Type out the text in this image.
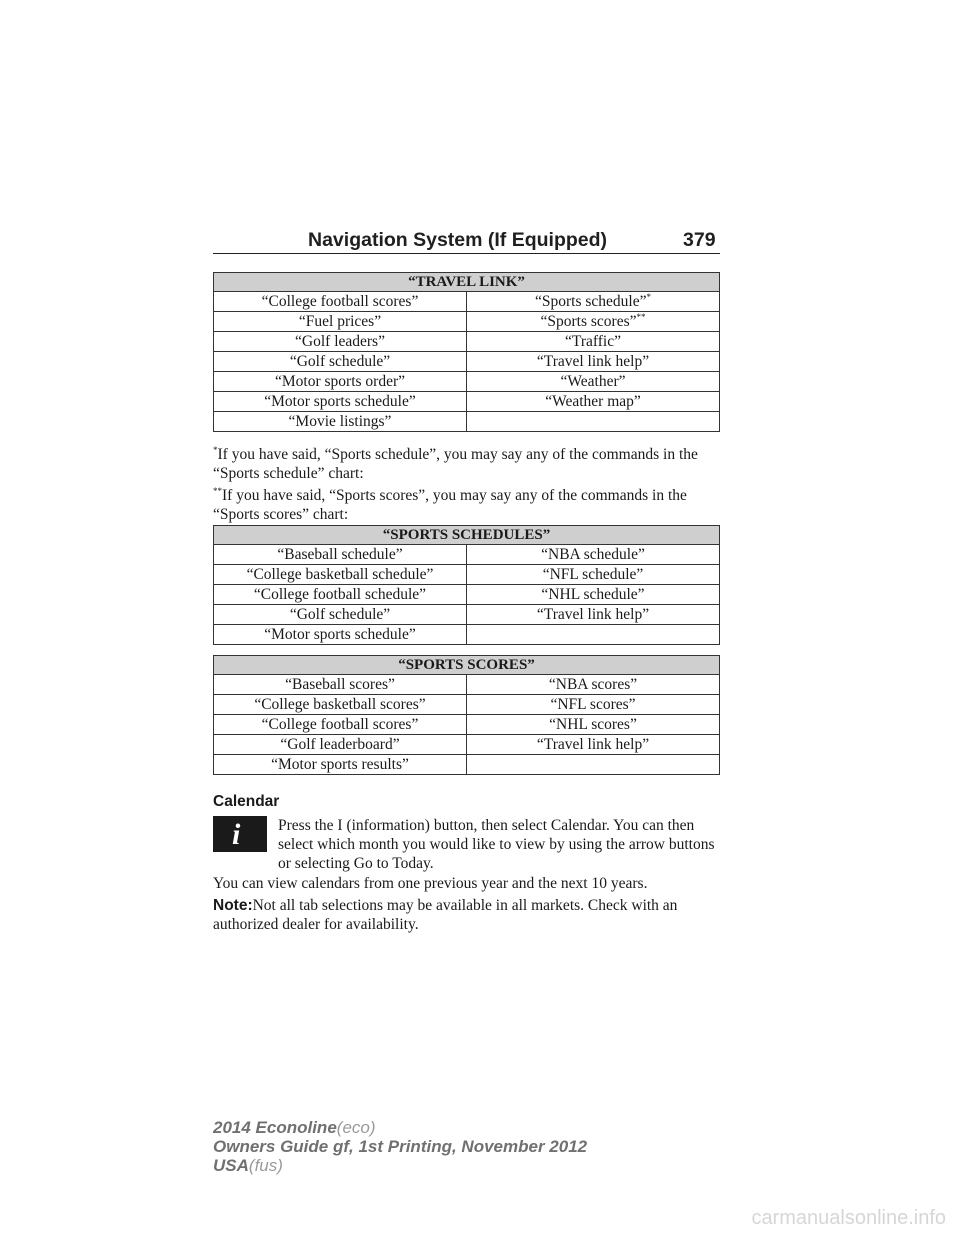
Navigation System (If Equipped)	379
“TRAVEL LINK”	
“College football scores”	“Sports schedule”*
“Fuel prices”	“Sports scores”**
“Golf leaders”	“Traffic”
“Golf schedule”	“Travel link help”
“Motor sports order”	“Weather”
“Motor sports schedule”	“Weather map”
“Movie listings”	
*If you have said, “Sports schedule”, you may say any of the commands in the “Sports schedule” chart:
**If you have said, “Sports scores”, you may say any of the commands in the “Sports scores” chart:
“SPORTS SCHEDULES”	
“Baseball schedule”	“NBA schedule”
“College basketball schedule”	“NFL schedule”
“College football schedule”	“NHL schedule”
“Golf schedule”	“Travel link help”
“Motor sports schedule”	
“SPORTS SCORES”	
“Baseball scores”	“NBA scores”
“College basketball scores”	“NFL scores”
“College football scores”	“NHL scores”
“Golf leaderboard”	“Travel link help”
“Motor sports results”	
Calendar
i Press the I (information) button, then select Calendar. You can then select which month you would like to view by using the arrow buttons or selecting Go to Today.
You can view calendars from one previous year and the next 10 years.
Note:Not all tab selections may be available in all markets. Check with an authorized dealer for availability.
2014 Econoline(eco)
Owners Guide gf, 1st Printing, November 2012
USA(fus)
carmanualsonline.info
